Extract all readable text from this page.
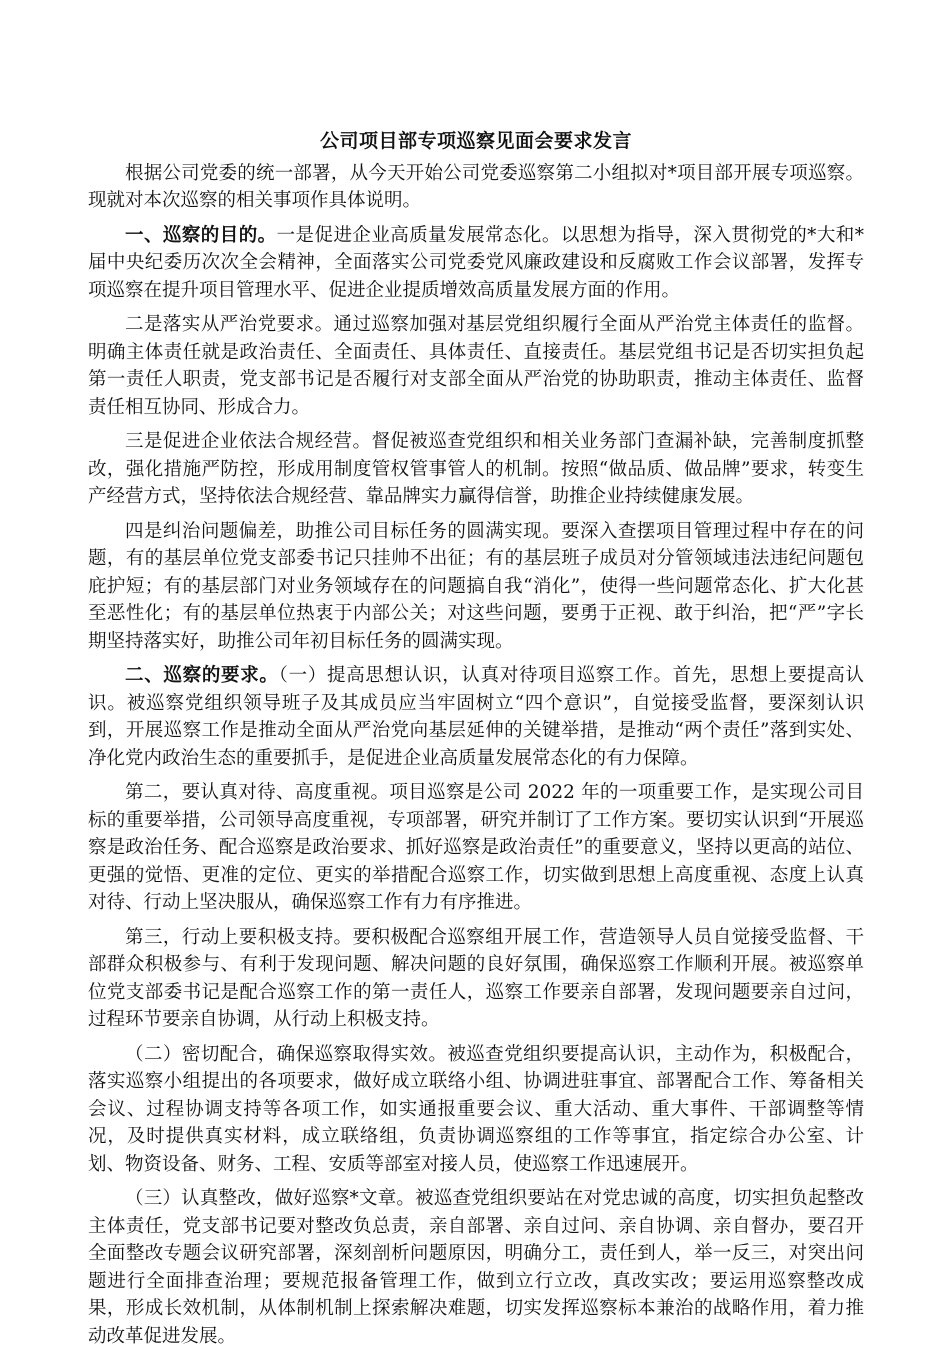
公司项目部专项巡察见面会要求发言

根据公司党委的统一部署，从今天开始公司党委巡察第二小组拟对*项目部开展专项巡察。现就对本次巡察的相关事项作具体说明。

一、巡察的目的。一是促进企业高质量发展常态化。以思想为指导，深入贯彻党的*大和*届中央纪委历次次全会精神，全面落实公司党委党风廉政建设和反腐败工作会议部署，发挥专项巡察在提升项目管理水平、促进企业提质增效高质量发展方面的作用。

二是落实从严治党要求。通过巡察加强对基层党组织履行全面从严治党主体责任的监督。明确主体责任就是政治责任、全面责任、具体责任、直接责任。基层党组书记是否切实担负起第一责任人职责，党支部书记是否履行对支部全面从严治党的协助职责，推动主体责任、监督责任相互协同、形成合力。

三是促进企业依法合规经营。督促被巡查党组织和相关业务部门查漏补缺，完善制度抓整改，强化措施严防控，形成用制度管权管事管人的机制。按照“做品质、做品牌”要求，转变生产经营方式，坚持依法合规经营、靠品牌实力赢得信誉，助推企业持续健康发展。

四是纠治问题偏差，助推公司目标任务的圆满实现。要深入查摆项目管理过程中存在的问题，有的基层单位党支部委书记只挂帅不出征；有的基层班子成员对分管领域违法违纪问题包庇护短；有的基层部门对业务领域存在的问题搞自我“消化”，使得一些问题常态化、扩大化甚至恶性化；有的基层单位热衷于内部公关；对这些问题，要勇于正视、敢于纠治，把“严”字长期坚持落实好，助推公司年初目标任务的圆满实现。

二、巡察的要求。（一）提高思想认识，认真对待项目巡察工作。首先，思想上要提高认识。被巡察党组织领导班子及其成员应当牢固树立“四个意识”，自觉接受监督，要深刻认识到，开展巡察工作是推动全面从严治党向基层延伸的关键举措，是推动“两个责任”落到实处、净化党内政治生态的重要抓手，是促进企业高质量发展常态化的有力保障。

第二，要认真对待、高度重视。项目巡察是公司 2022 年的一项重要工作，是实现公司目标的重要举措，公司领导高度重视，专项部署，研究并制订了工作方案。要切实认识到“开展巡察是政治任务、配合巡察是政治要求、抓好巡察是政治责任”的重要意义，坚持以更高的站位、更强的觉悟、更准的定位、更实的举措配合巡察工作，切实做到思想上高度重视、态度上认真对待、行动上坚决服从，确保巡察工作有力有序推进。

第三，行动上要积极支持。要积极配合巡察组开展工作，营造领导人员自觉接受监督、干部群众积极参与、有利于发现问题、解决问题的良好氛围，确保巡察工作顺利开展。被巡察单位党支部委书记是配合巡察工作的第一责任人，巡察工作要亲自部署，发现问题要亲自过问，过程环节要亲自协调，从行动上积极支持。

（二）密切配合，确保巡察取得实效。被巡查党组织要提高认识，主动作为，积极配合，落实巡察小组提出的各项要求，做好成立联络小组、协调进驻事宜、部署配合工作、筹备相关会议、过程协调支持等各项工作，如实通报重要会议、重大活动、重大事件、干部调整等情况，及时提供真实材料，成立联络组，负责协调巡察组的工作等事宜，指定综合办公室、计划、物资设备、财务、工程、安质等部室对接人员，使巡察工作迅速展开。

（三）认真整改，做好巡察*文章。被巡查党组织要站在对党忠诚的高度，切实担负起整改主体责任，党支部书记要对整改负总责，亲自部署、亲自过问、亲自协调、亲自督办，要召开全面整改专题会议研究部署，深刻剖析问题原因，明确分工，责任到人，举一反三，对突出问题进行全面排查治理；要规范报备管理工作，做到立行立改，真改实改；要运用巡察整改成果，形成长效机制，从体制机制上探索解决难题，切实发挥巡察标本兼治的战略作用，着力推动改革促进发展。
